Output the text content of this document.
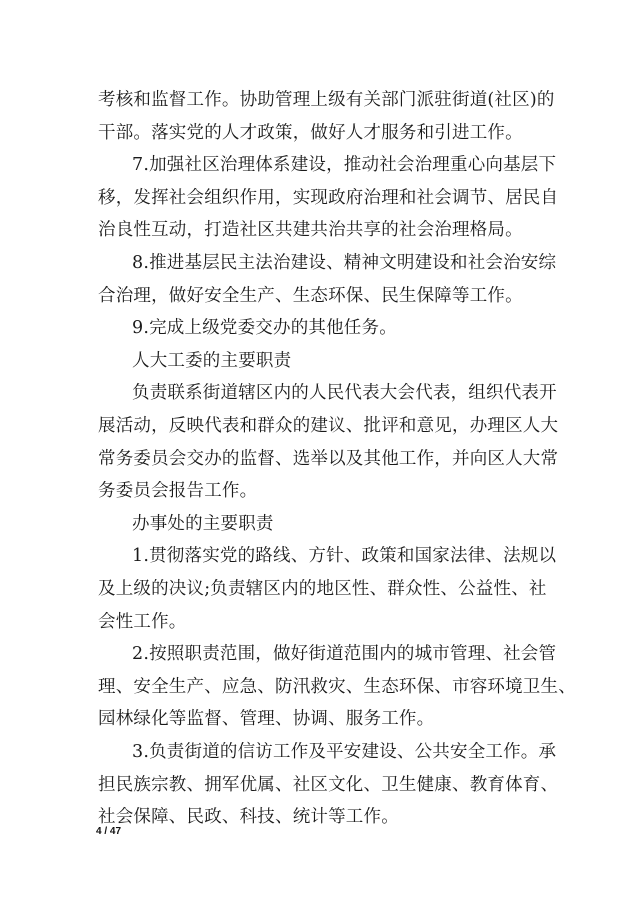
考核和监督工作。协助管理上级有关部门派驻街道(社区)的
干部。落实党的人才政策，做好人才服务和引进工作。
7.加强社区治理体系建设，推动社会治理重心向基层下
移，发挥社会组织作用，实现政府治理和社会调节、居民自
治良性互动，打造社区共建共治共享的社会治理格局。
8.推进基层民主法治建设、精神文明建设和社会治安综
合治理，做好安全生产、生态环保、民生保障等工作。
9.完成上级党委交办的其他任务。
人大工委的主要职责
负责联系街道辖区内的人民代表大会代表，组织代表开
展活动，反映代表和群众的建议、批评和意见，办理区人大
常务委员会交办的监督、选举以及其他工作，并向区人大常
务委员会报告工作。
办事处的主要职责
1.贯彻落实党的路线、方针、政策和国家法律、法规以
及上级的决议;负责辖区内的地区性、群众性、公益性、社
会性工作。
2.按照职责范围，做好街道范围内的城市管理、社会管
理、安全生产、应急、防汛救灾、生态环保、市容环境卫生、
园林绿化等监督、管理、协调、服务工作。
3.负责街道的信访工作及平安建设、公共安全工作。承
担民族宗教、拥军优属、社区文化、卫生健康、教育体育、
社会保障、民政、科技、统计等工作。
4 / 47
